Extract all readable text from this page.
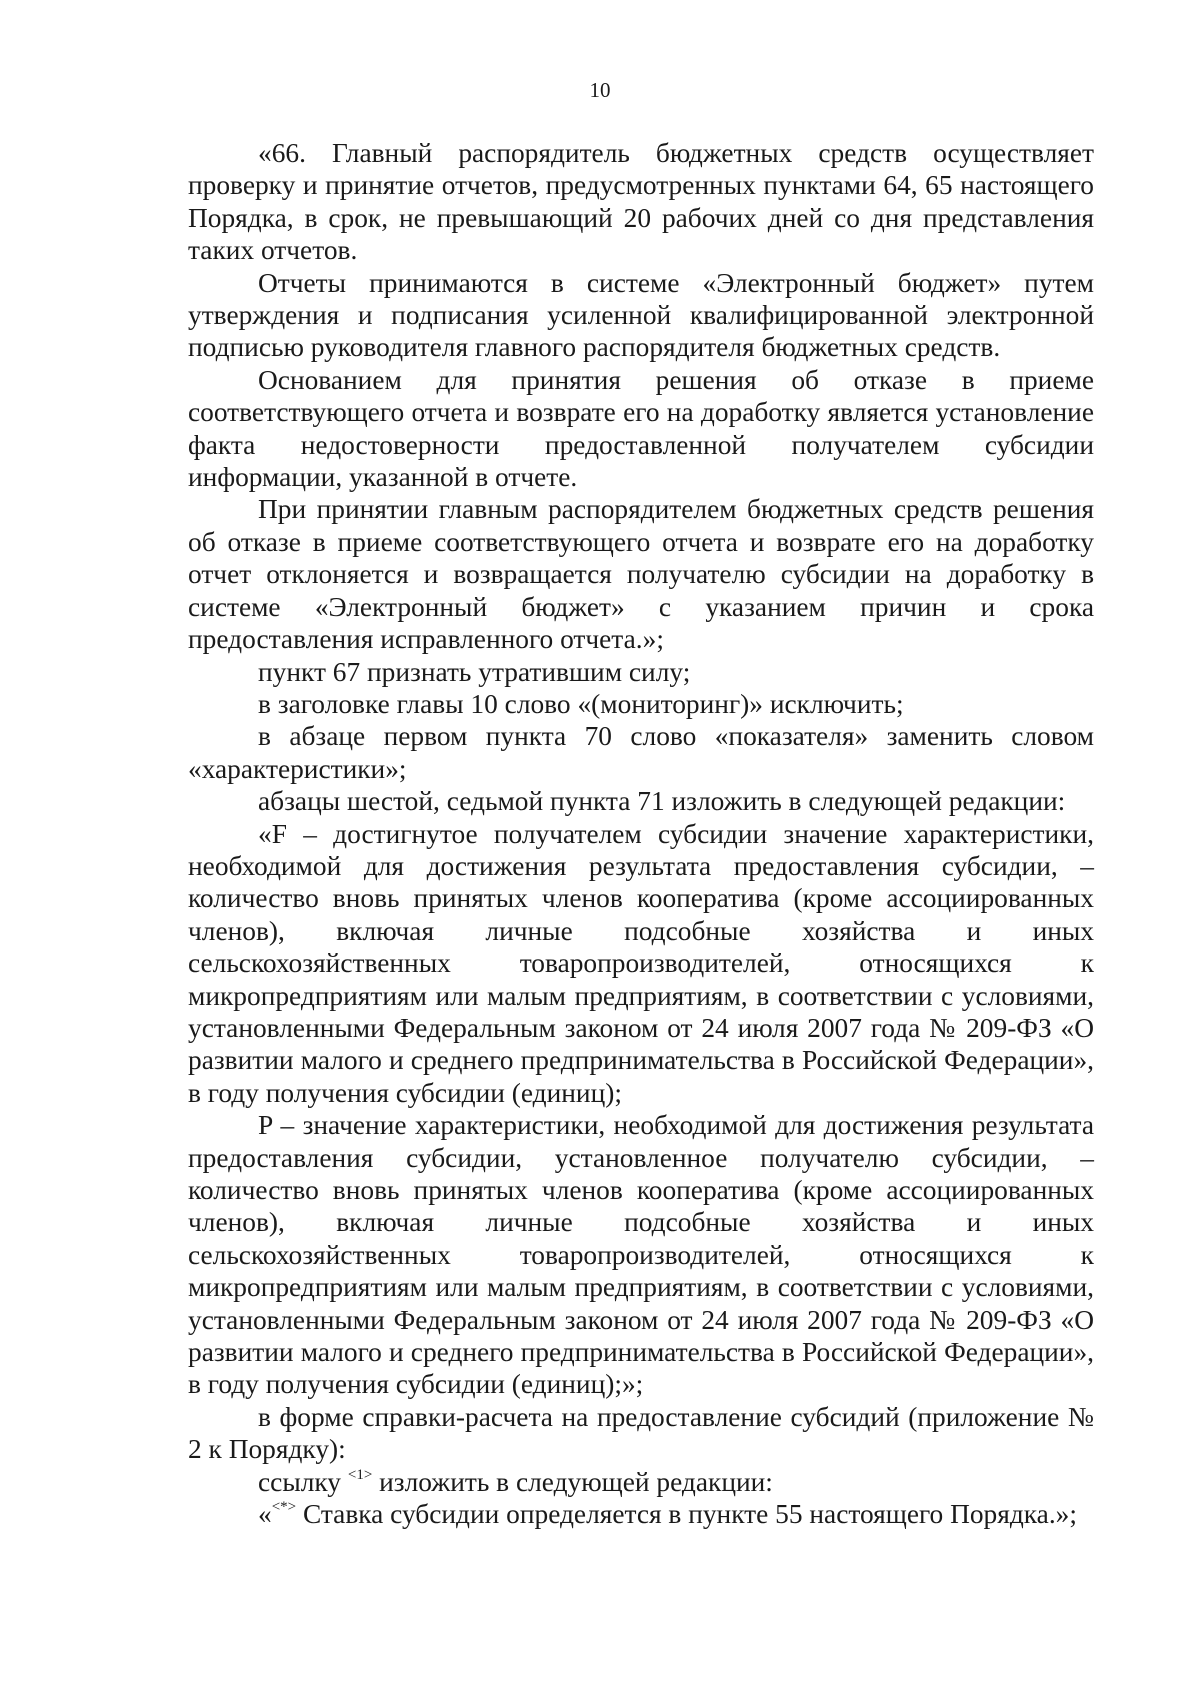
10

«66. Главный распорядитель бюджетных средств осуществляет проверку и принятие отчетов, предусмотренных пунктами 64, 65 настоящего Порядка, в срок, не превышающий 20 рабочих дней со дня представления таких отчетов.

Отчеты принимаются в системе «Электронный бюджет» путем утверждения и подписания усиленной квалифицированной электронной подписью руководителя главного распорядителя бюджетных средств.

Основанием для принятия решения об отказе в приеме соответствующего отчета и возврате его на доработку является установление факта недостоверности предоставленной получателем субсидии информации, указанной в отчете.

При принятии главным распорядителем бюджетных средств решения об отказе в приеме соответствующего отчета и возврате его на доработку отчет отклоняется и возвращается получателю субсидии на доработку в системе «Электронный бюджет» с указанием причин и срока предоставления исправленного отчета.»;

пункт 67 признать утратившим силу;

в заголовке главы 10 слово «(мониторинг)» исключить;

в абзаце первом пункта 70 слово «показателя» заменить словом «характеристики»;

абзацы шестой, седьмой пункта 71 изложить в следующей редакции:

«F – достигнутое получателем субсидии значение характеристики, необходимой для достижения результата предоставления субсидии, – количество вновь принятых членов кооператива (кроме ассоциированных членов), включая личные подсобные хозяйства и иных сельскохозяйственных товаропроизводителей, относящихся к микропредприятиям или малым предприятиям, в соответствии с условиями, установленными Федеральным законом от 24 июля 2007 года № 209-ФЗ «О развитии малого и среднего предпринимательства в Российской Федерации», в году получения субсидии (единиц);

P – значение характеристики, необходимой для достижения результата предоставления субсидии, установленное получателю субсидии, – количество вновь принятых членов кооператива (кроме ассоциированных членов), включая личные подсобные хозяйства и иных сельскохозяйственных товаропроизводителей, относящихся к микропредприятиям или малым предприятиям, в соответствии с условиями, установленными Федеральным законом от 24 июля 2007 года № 209-ФЗ «О развитии малого и среднего предпринимательства в Российской Федерации», в году получения субсидии (единиц);»;

в форме справки-расчета на предоставление субсидий (приложение № 2 к Порядку):

ссылку $^{<1>}$ изложить в следующей редакции:

«<*> Ставка субсидии определяется в пункте 55 настоящего Порядка.»;
